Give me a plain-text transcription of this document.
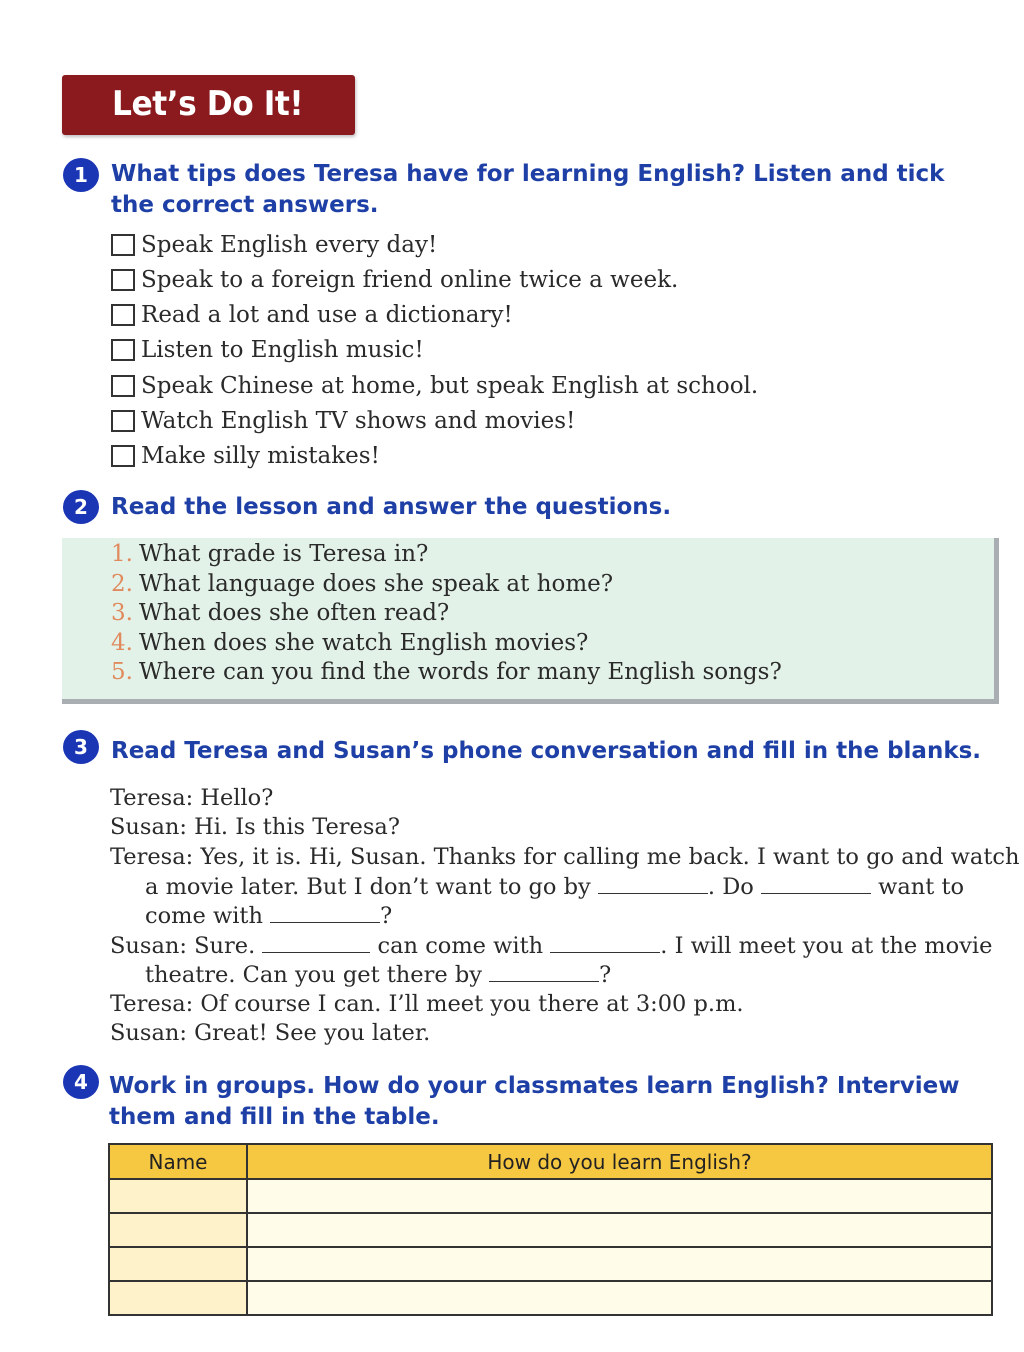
Let’s Do It!
1	What tips does Teresa have for learning English? Listen and tick
the correct answers.
Speak English every day!
Speak to a foreign friend online twice a week.
Read a lot and use a dictionary!
Listen to English music!
Speak Chinese at home, but speak English at school.
Watch English TV shows and movies!
Make silly mistakes!
2	Read the lesson and answer the questions.
1. What grade is Teresa in?
2. What language does she speak at home?
3. What does she often read?
4. When does she watch English movies?
5. Where can you find the words for many English songs?
3	Read Teresa and Susan’s phone conversation and fill in the blanks.
Teresa: Hello?
Susan: Hi. Is this Teresa?
Teresa: Yes, it is. Hi, Susan. Thanks for calling me back. I want to go and watch
a movie later. But I don’t want to go by	. Do	want to
come with	?
Susan: Sure.	can come with	. I will meet you at the movie
theatre. Can you get there by	?
Teresa: Of course I can. I’ll meet you there at 3:00 p.m.
Susan: Great! See you later.
4 Work in groups. How do your classmates learn English? Interview
them and fill in the table.
Name	How do you learn English?
